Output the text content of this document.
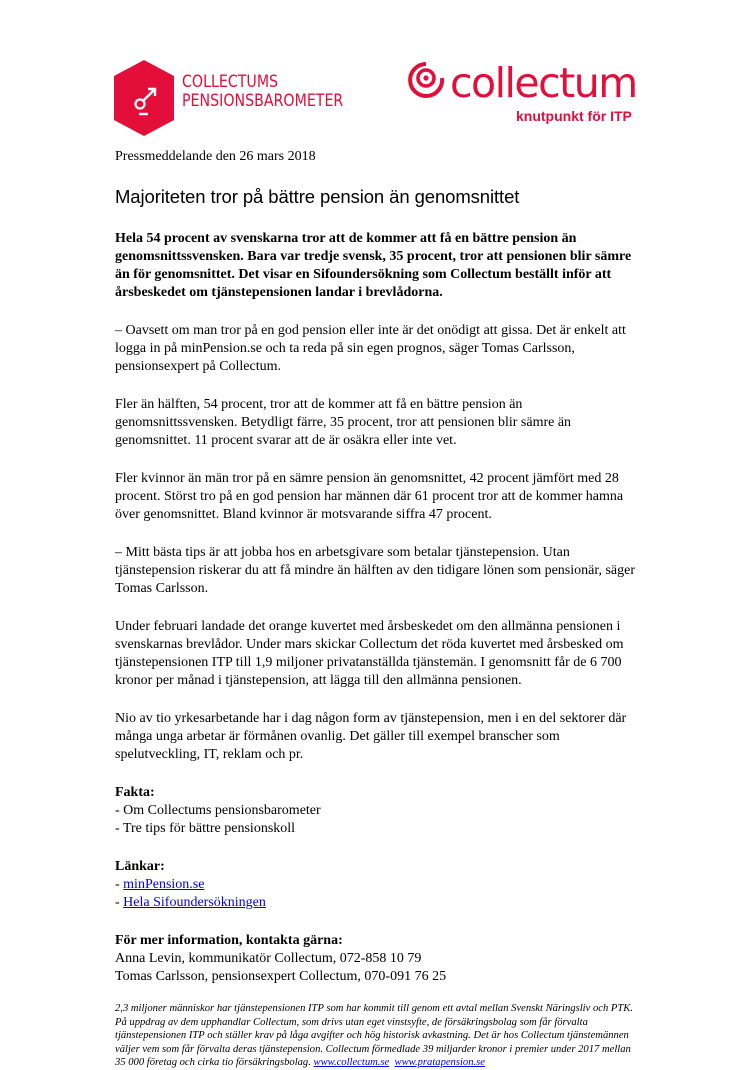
COLLECTUMS
PENSIONSBAROMETER	collectum
knutpunkt för ITP

Pressmeddelande den 26 mars 2018

Majoriteten tror på bättre pension än genomsnittet

Hela 54 procent av svenskarna tror att de kommer att få en bättre pension än genomsnittssvensken. Bara var tredje svensk, 35 procent, tror att pensionen blir sämre än för genomsnittet. Det visar en Sifoundersökning som Collectum beställt inför att årsbeskedet om tjänstepensionen landar i brevlådorna.

– Oavsett om man tror på en god pension eller inte är det onödigt att gissa. Det är enkelt att logga in på minPension.se och ta reda på sin egen prognos, säger Tomas Carlsson, pensionsexpert på Collectum.

Fler än hälften, 54 procent, tror att de kommer att få en bättre pension än genomsnittssvensken. Betydligt färre, 35 procent, tror att pensionen blir sämre än genomsnittet. 11 procent svarar att de är osäkra eller inte vet.

Fler kvinnor än män tror på en sämre pension än genomsnittet, 42 procent jämfört med 28 procent. Störst tro på en god pension har männen där 61 procent tror att de kommer hamna över genomsnittet. Bland kvinnor är motsvarande siffra 47 procent.

– Mitt bästa tips är att jobba hos en arbetsgivare som betalar tjänstepension. Utan tjänstepension riskerar du att få mindre än hälften av den tidigare lönen som pensionär, säger Tomas Carlsson.

Under februari landade det orange kuvertet med årsbeskedet om den allmänna pensionen i svenskarnas brevlådor. Under mars skickar Collectum det röda kuvertet med årsbesked om tjänstepensionen ITP till 1,9 miljoner privatanställda tjänstemän. I genomsnitt får de 6 700 kronor per månad i tjänstepension, att lägga till den allmänna pensionen.

Nio av tio yrkesarbetande har i dag någon form av tjänstepension, men i en del sektorer där många unga arbetar är förmånen ovanlig. Det gäller till exempel branscher som spelutveckling, IT, reklam och pr.

Fakta:

- Om Collectums pensionsbarometer
- Tre tips för bättre pensionskoll

Länkar:

- minPension.se
- Hela Sifoundersökningen

För mer information, kontakta gärna:

Anna Levin, kommunikatör Collectum, 072-858 10 79
Tomas Carlsson, pensionsexpert Collectum, 070-091 76 25

2,3 miljoner människor har tjänstepensionen ITP som har kommit till genom ett avtal mellan Svenskt Näringsliv och PTK. På uppdrag av dem upphandlar Collectum, som drivs utan eget vinstsyfte, de försäkringsbolag som får förvalta tjänstepensionen ITP och ställer krav på låga avgifter och hög historisk avkastning. Det är hos Collectum tjänstemännen väljer vem som får förvalta deras tjänstepension. Collectum förmedlade 39 miljarder kronor i premier under 2017 mellan 35 000 företag och cirka tio försäkringsbolag. www.collectum.se www.pratapension.se
